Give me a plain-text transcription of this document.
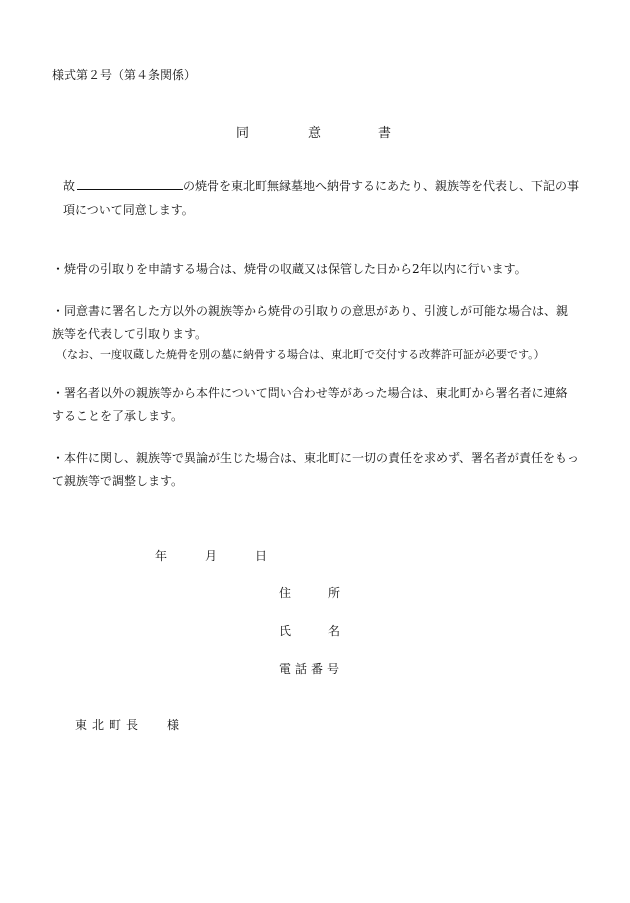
様式第２号（第４条関係）
同	意	書
故	の焼骨を東北町無縁墓地へ納骨するにあたり、親族等を代表し、下記の事
項について同意します。
・焼骨の引取りを申請する場合は、焼骨の収蔵又は保管した日から2年以内に行います。
・同意書に署名した方以外の親族等から焼骨の引取りの意思があり、引渡しが可能な場合は、親
族等を代表して引取ります。
（なお、一度収蔵した焼骨を別の墓に納骨する場合は、東北町で交付する改葬許可証が必要です。）
・署名者以外の親族等から本件について問い合わせ等があった場合は、東北町から署名者に連絡
することを了承します。
・本件に関し、親族等で異論が生じた場合は、東北町に一切の責任を求めず、署名者が責任をもっ
て親族等で調整します。
年	月	日
住	所
氏	名
電 話 番 号
東 北 町 長 様
